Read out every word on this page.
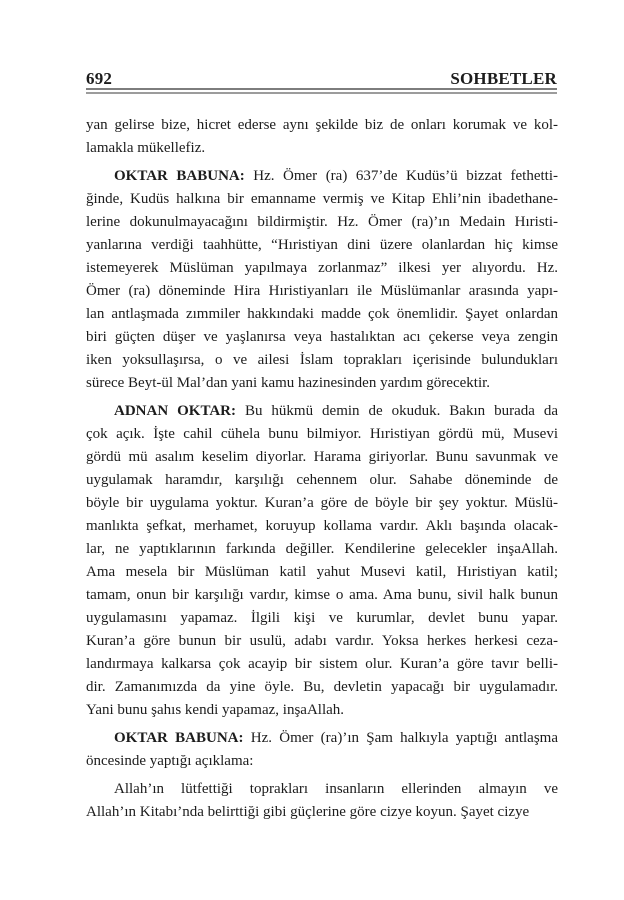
692	SOHBETLER
yan gelirse bize, hicret ederse aynı şekilde biz de onları korumak ve kol-
lamakla mükellefiz.
OKTAR BABUNA: Hz. Ömer (ra) 637’de Kudüs’ü bizzat fethetti-
ğinde, Kudüs halkına bir emanname vermiş ve Kitap Ehli’nin ibadethane-
lerine dokunulmayacağını bildirmiştir. Hz. Ömer (ra)’ın Medain Hıristi-
yanlarına verdiği taahhütte, “Hıristiyan dini üzere olanlardan hiç kimse
istemeyerek Müslüman yapılmaya zorlanmaz” ilkesi yer alıyordu. Hz.
Ömer (ra) döneminde Hira Hıristiyanları ile Müslümanlar arasında yapı-
lan antlaşmada zımmiler hakkındaki madde çok önemlidir. Şayet onlardan
biri güçten düşer ve yaşlanırsa veya hastalıktan acı çekerse veya zengin
iken yoksullaşırsa, o ve ailesi İslam toprakları içerisinde bulundukları
sürece Beyt-ül Mal’dan yani kamu hazinesinden yardım görecektir.
ADNAN OKTAR: Bu hükmü demin de okuduk. Bakın burada da
çok açık. İşte cahil cühela bunu bilmiyor. Hıristiyan gördü mü, Musevi
gördü mü asalım keselim diyorlar. Harama giriyorlar. Bunu savunmak ve
uygulamak haramdır, karşılığı cehennem olur. Sahabe döneminde de
böyle bir uygulama yoktur. Kuran’a göre de böyle bir şey yoktur. Müslü-
manlıkta şefkat, merhamet, koruyup kollama vardır. Aklı başında olacak-
lar, ne yaptıklarının farkında değiller. Kendilerine gelecekler inşaAllah.
Ama mesela bir Müslüman katil yahut Musevi katil, Hıristiyan katil;
tamam, onun bir karşılığı vardır, kimse o ama. Ama bunu, sivil halk bunun
uygulamasını yapamaz. İlgili kişi ve kurumlar, devlet bunu yapar.
Kuran’a göre bunun bir usulü, adabı vardır. Yoksa herkes herkesi ceza-
landırmaya kalkarsa çok acayip bir sistem olur. Kuran’a göre tavır belli-
dir. Zamanımızda da yine öyle. Bu, devletin yapacağı bir uygulamadır.
Yani bunu şahıs kendi yapamaz, inşaAllah.
OKTAR BABUNA: Hz. Ömer (ra)’ın Şam halkıyla yaptığı antlaşma
öncesinde yaptığı açıklama:
Allah’ın lütfettiği toprakları insanların ellerinden almayın ve
Allah’ın Kitabı’nda belirttiği gibi güçlerine göre cizye koyun. Şayet cizye
